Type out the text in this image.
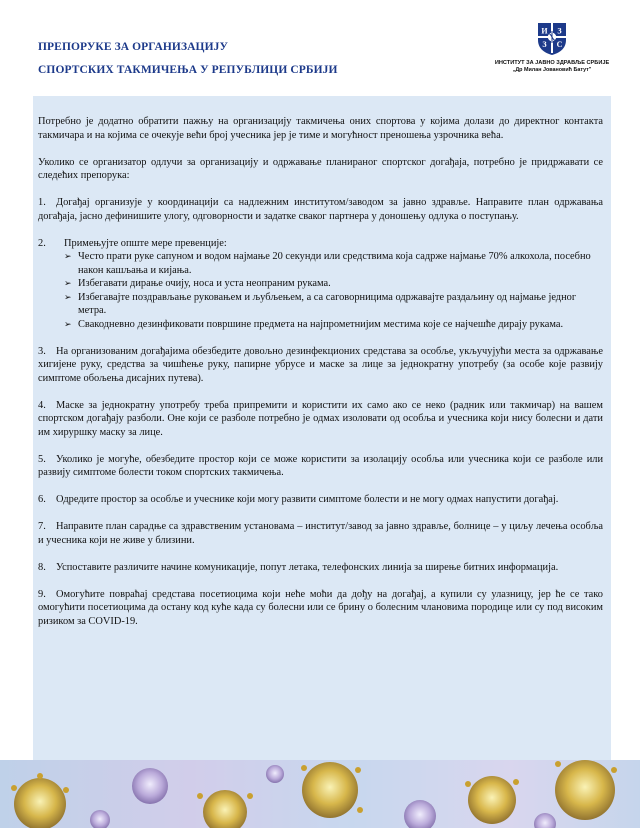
ПРЕПОРУКЕ ЗА ОРГАНИЗАЦИЈУ
СПОРТСКИХ ТАКМИЧЕЊА У РЕПУБЛИЦИ СРБИЈИ
И З
З С
ИНСТИТУТ ЗА ЈАВНО ЗДРАВЉЕ СРБИЈЕ
„Др Милан Јовановић Батут"

Потребно је додатно обратити пажњу на организацију такмичења оних спортова у којима долази до директног контакта такмичара и на којима се очекује већи број учесника јер је тиме и могућност преношења узрочника већа.

Уколико се организатор одлучи за организацију и одржавање планираног спортског догађаја, потребно је придржавати се следећих препорука:

1. Догађај организује у координацији са надлежним институтом/заводом за јавно здравље. Направите план одржавања догађаја, јасно дефинишите улогу, одговорности и задатке сваког партнера у доношењу одлука о поступању.
2. Примењујте опште мере превенције:
➢ Често прати руке сапуном и водом најмање 20 секунди или средствима која садрже најмање 70% алкохола, посебно након кашљања и кијања.
➢ Избегавати дирање очију, носа и уста неопраним рукама.
➢ Избегавајте поздрављање руковањем и љубљењем, а са саговорницима одржавајте раздаљину од најмање једног метра.
➢ Свакодневно дезинфиковати површине предмета на најпрометнијим местима које се најчешће дирају рукама.
3. На организованим догађајима обезбедите довољно дезинфекционих средстава за особље, укључујући места за одржавање хигијене руку, средства за чишћење руку, папирне убрусе и маске за лице за једнократну употребу (за особе које развију симптоме обољења дисајних путева).
4. Маске за једнократну употребу треба припремити и користити их само ако се неко (радник или такмичар) на вашем спортском догађају разболи. Оне који се разболе потребно је одмах изоловати од особља и учесника који нису болесни и дати им хируршку маску за лице.
5. Уколико је могуће, обезбедите простор који се може користити за изолацију особља или учесника који се разболе или развију симптоме болести током спортских такмичења.
6. Одредите простор за особље и учеснике који могу развити симптоме болести и не могу одмах напустити догађај.
7. Направите план сарадње са здравственим установама – институт/завод за јавно здравље, болнице – у циљу лечења особља и учесника који не живе у близини.
8. Успоставите различите начине комуникације, попут летака, телефонских линија за ширење битних информација.
9. Омогућите повраћај средстава посетиоцима који неће моћи да дођу на догађај, а купили су улазницу, јер ће се тако омогућити посетиоцима да остану код куће када су болесни или се брину о болесним члановима породице или су под високим ризиком за COVID-19.
